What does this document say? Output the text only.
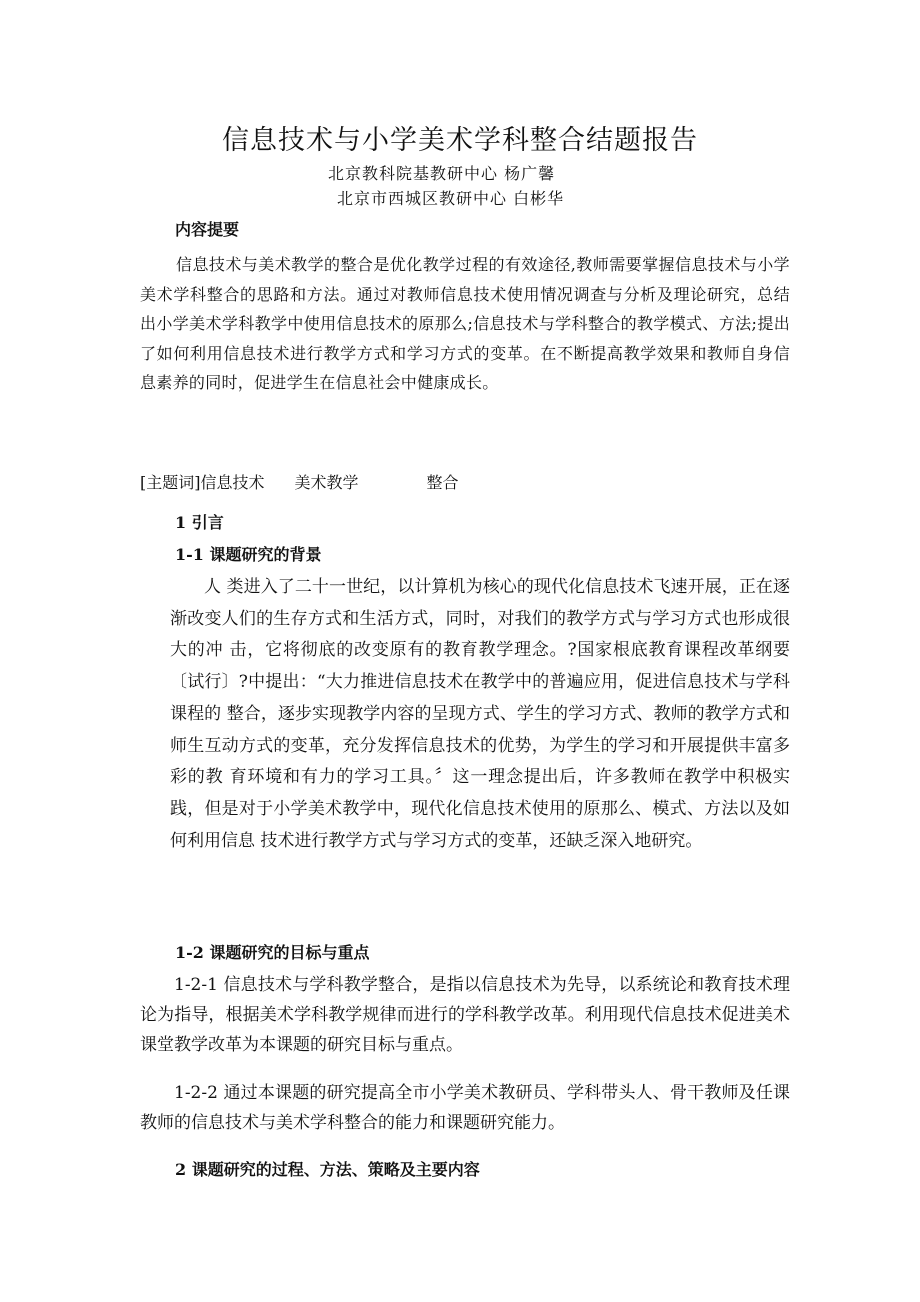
信息技术与小学美术学科整合结题报告
北京教科院基教研中心 杨广馨
北京市西城区教研中心 白彬华
内容提要

信息技术与美术教学的整合是优化教学过程的有效途径,教师需要掌握信息技术与小学美术学科整合的思路和方法。通过对教师信息技术使用情况调查与分析及理论研究，总结出小学美术学科教学中使用信息技术的原那么;信息技术与学科整合的教学模式、方法;提出了如何利用信息技术进行教学方式和学习方式的变革。在不断提高教学效果和教师自身信息素养的同时，促进学生在信息社会中健康成长。

[主题词]信息技术 美术教学	整合
1 引言
1-1 课题研究的背景

人 类进入了二十一世纪，以计算机为核心的现代化信息技术飞速开展，正在逐渐改变人们的生存方式和生活方式，同时，对我们的教学方式与学习方式也形成很大的冲 击，它将彻底的改变原有的教育教学理念。?国家根底教育课程改革纲要〔试行〕?中提出：“大力推进信息技术在教学中的普遍应用，促进信息技术与学科课程的 整合，逐步实现教学内容的呈现方式、学生的学习方式、教师的教学方式和师生互动方式的变革，充分发挥信息技术的优势，为学生的学习和开展提供丰富多彩的教 育环境和有力的学习工具。〞这一理念提出后，许多教师在教学中积极实践，但是对于小学美术教学中，现代化信息技术使用的原那么、模式、方法以及如何利用信息 技术进行教学方式与学习方式的变革，还缺乏深入地研究。

1-2 课题研究的目标与重点

1-2-1 信息技术与学科教学整合，是指以信息技术为先导，以系统论和教育技术理论为指导，根据美术学科教学规律而进行的学科教学改革。利用现代信息技术促进美术课堂教学改革为本课题的研究目标与重点。

1-2-2 通过本课题的研究提高全市小学美术教研员、学科带头人、骨干教师及任课教师的信息技术与美术学科整合的能力和课题研究能力。

2 课题研究的过程、方法、策略及主要内容
